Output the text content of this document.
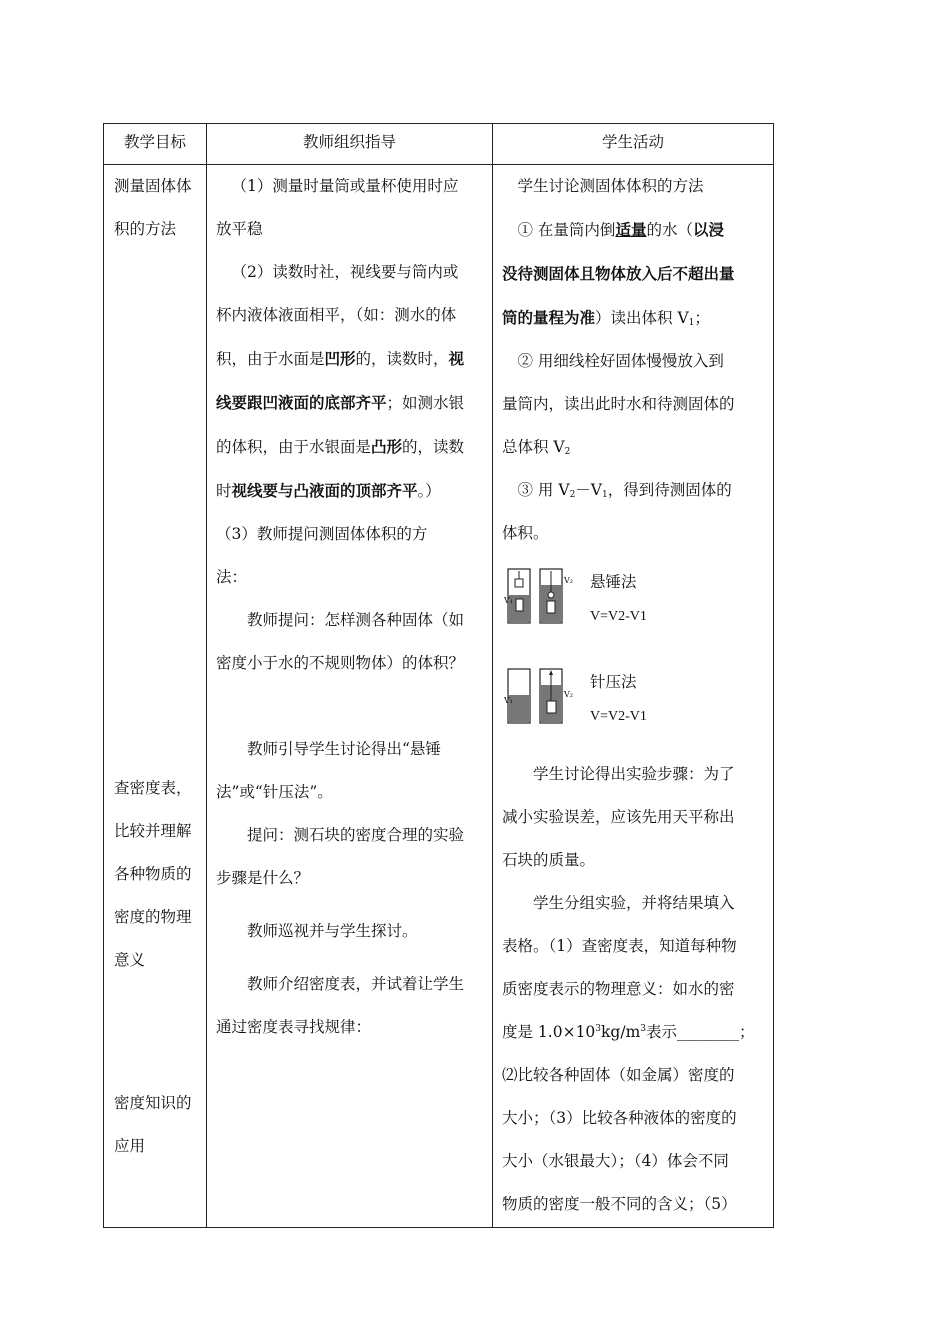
教学目标	教师组织指导	学生活动

测量固体体

积的方法

查密度表，

比较并理解

各种物质的

密度的物理

意义

密度知识的

应用

（1）测量时量筒或量杯使用时应

放平稳

（2）读数时社，视线要与筒内或

杯内液体液面相平，（如：测水的体

积，由于水面是凹形的，读数时，视

线要跟凹液面的底部齐平；如测水银

的体积，由于水银面是凸形的，读数

时视线要与凸液面的顶部齐平。）

（3）教师提问测固体体积的方

法：

教师提问：怎样测各种固体（如

密度小于水的不规则物体）的体积？

教师引导学生讨论得出“悬锤

法”或“针压法”。

提问：测石块的密度合理的实验

步骤是什么？

教师巡视并与学生探讨。

教师介绍密度表，并试着让学生

通过密度表寻找规律：

学生讨论测固体体积的方法

① 在量筒内倒适量的水（以浸

没待测固体且物体放入后不超出量

筒的量程为准）读出体积 $V_1$；

② 用细线栓好固体慢慢放入到

量筒内，读出此时水和待测固体的

总体积 $V_2$

③ 用 $V_2-V_1$，得到待测固体的

体积。

V₁
V₂ 悬锤法
V=V2-V1
V₁
V₂
针压法
V=V2-V1

学生讨论得出实验步骤：为了

减小实验误差，应该先用天平称出

石块的质量。

学生分组实验，并将结果填入

表格。（1）查密度表，知道每种物

质密度表示的物理意义：如水的密

度是 $1.0\times 10^3kg/m^3$表示________；

⑵比较各种固体（如金属）密度的

大小；（3）比较各种液体的密度的

大小（水银最大）；（4）体会不同

物质的密度一般不同的含义；（5）
